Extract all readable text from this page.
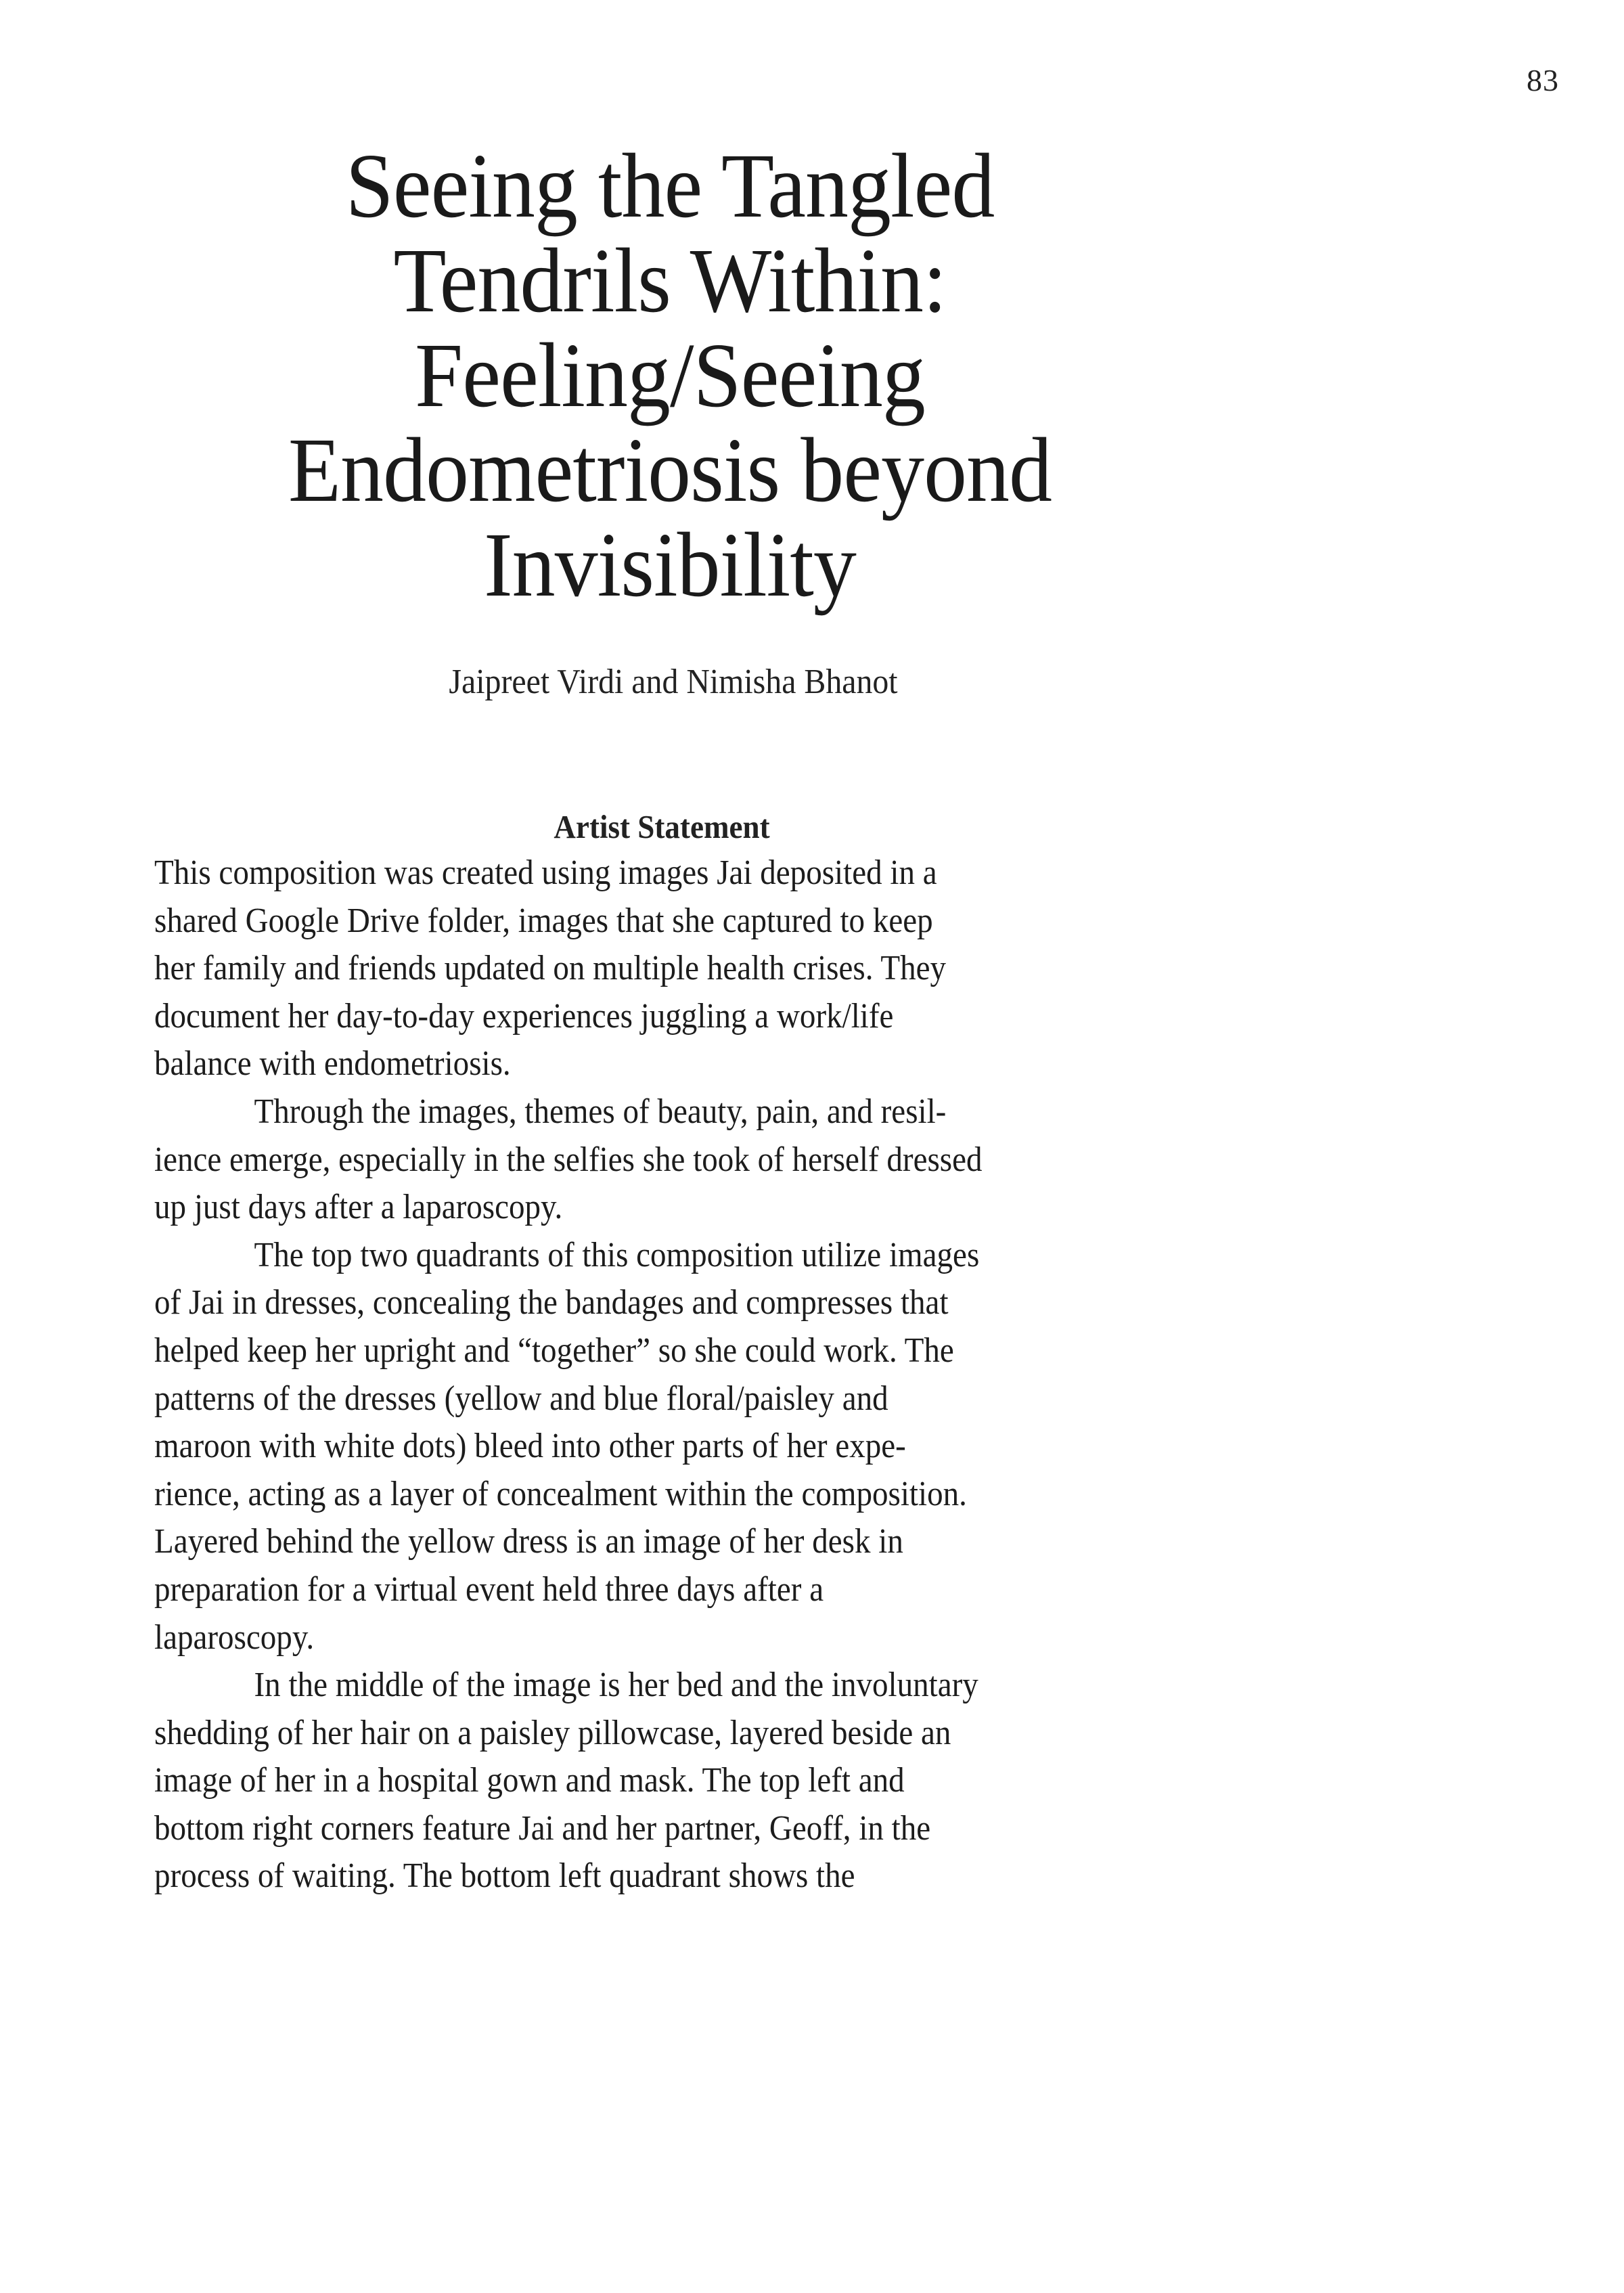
83
Seeing the Tangled
Tendrils Within:
Feeling/Seeing
Endometriosis beyond
Invisibility
Jaipreet Virdi and Nimisha Bhanot
Artist Statement
This composition was created using images Jai deposited in a
shared Google Drive folder, images that she captured to keep
her family and friends updated on multiple health crises. They
document her day-to-day experiences juggling a work/life
balance with endometriosis.
Through the images, themes of beauty, pain, and resil-
ience emerge, especially in the selfies she took of herself dressed
up just days after a laparoscopy.
The top two quadrants of this composition utilize images
of Jai in dresses, concealing the bandages and compresses that
helped keep her upright and “together” so she could work. The
patterns of the dresses (yellow and blue floral/paisley and
maroon with white dots) bleed into other parts of her expe-
rience, acting as a layer of concealment within the composition.
Layered behind the yellow dress is an image of her desk in
preparation for a virtual event held three days after a
laparoscopy.
In the middle of the image is her bed and the involuntary
shedding of her hair on a paisley pillowcase, layered beside an
image of her in a hospital gown and mask. The top left and
bottom right corners feature Jai and her partner, Geoff, in the
process of waiting. The bottom left quadrant shows the
